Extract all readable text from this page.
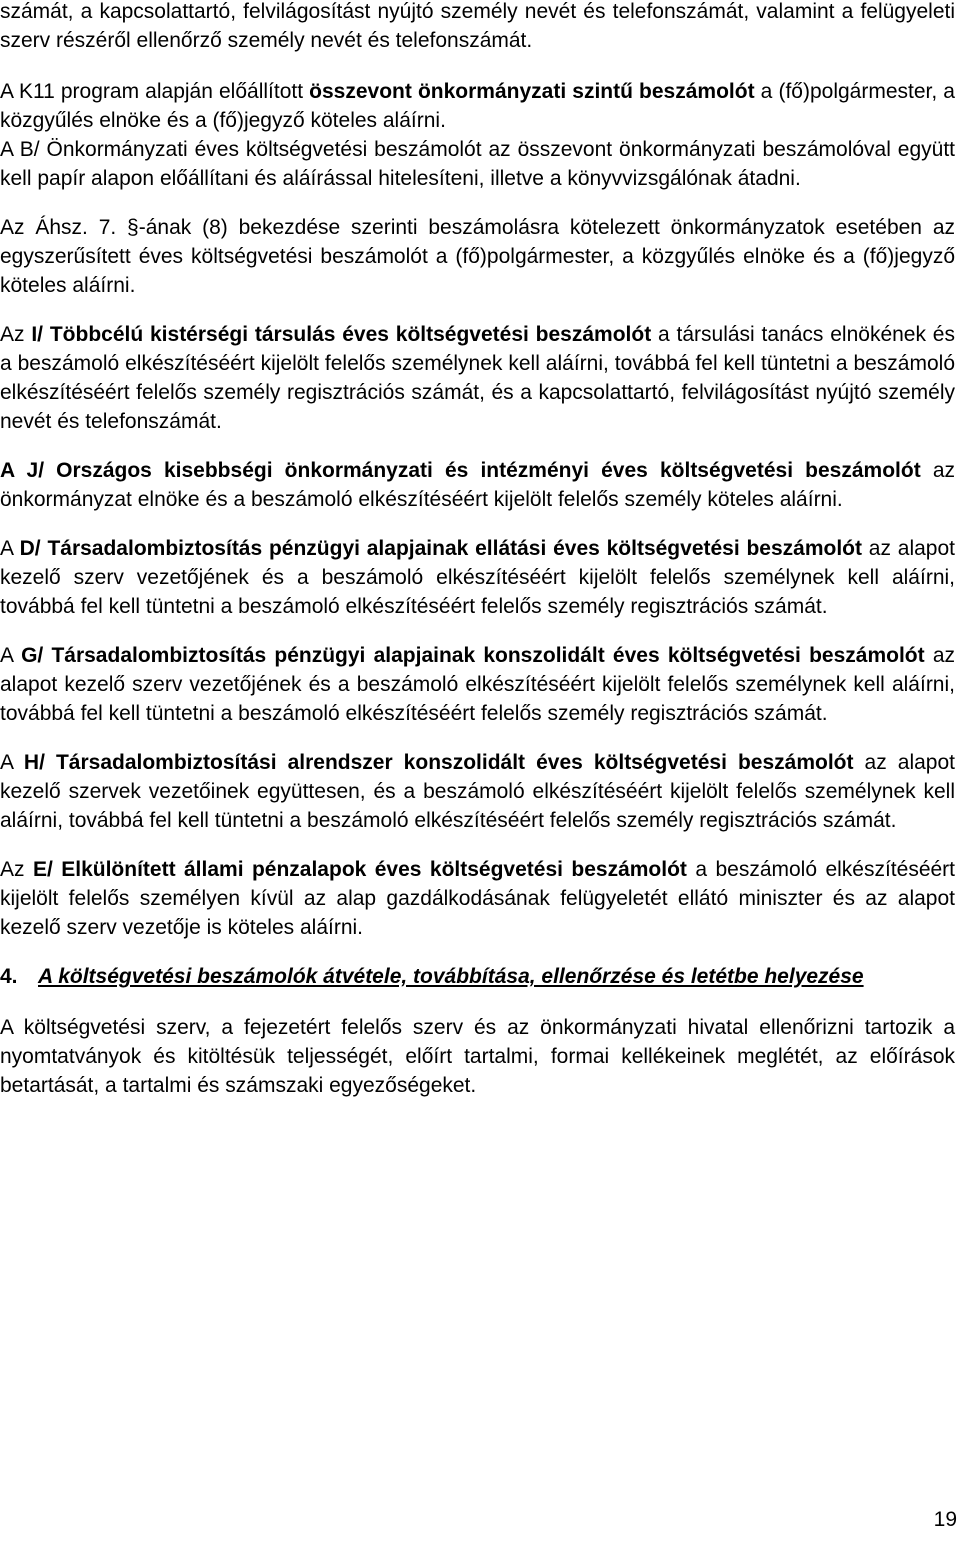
számát, a kapcsolattartó, felvilágosítást nyújtó személy nevét és telefonszámát, valamint a felügyeleti szerv részéről ellenőrző személy nevét és telefonszámát.

A K11 program alapján előállított összevont önkormányzati szintű beszámolót a (fő)polgármester, a közgyűlés elnöke és a (fő)jegyző köteles aláírni.

A B/ Önkormányzati éves költségvetési beszámolót az összevont önkormányzati beszámolóval együtt kell papír alapon előállítani és aláírással hitelesíteni, illetve a könyvvizsgálónak átadni.

Az Áhsz. 7. §-ának (8) bekezdése szerinti beszámolásra kötelezett önkormányzatok esetében az egyszerűsített éves költségvetési beszámolót a (fő)polgármester, a közgyűlés elnöke és a (fő)jegyző köteles aláírni.

Az I/ Többcélú kistérségi társulás éves költségvetési beszámolót a társulási tanács elnökének és a beszámoló elkészítéséért kijelölt felelős személynek kell aláírni, továbbá fel kell tüntetni a beszámoló elkészítéséért felelős személy regisztrációs számát, és a kapcsolattartó, felvilágosítást nyújtó személy nevét és telefonszámát.

A J/ Országos kisebbségi önkormányzati és intézményi éves költségvetési beszámolót az önkormányzat elnöke és a beszámoló elkészítéséért kijelölt felelős személy köteles aláírni.

A D/ Társadalombiztosítás pénzügyi alapjainak ellátási éves költségvetési beszámolót az alapot kezelő szerv vezetőjének és a beszámoló elkészítéséért kijelölt felelős személynek kell aláírni, továbbá fel kell tüntetni a beszámoló elkészítéséért felelős személy regisztrációs számát.

A G/ Társadalombiztosítás pénzügyi alapjainak konszolidált éves költségvetési beszámolót az alapot kezelő szerv vezetőjének és a beszámoló elkészítéséért kijelölt felelős személynek kell aláírni, továbbá fel kell tüntetni a beszámoló elkészítéséért felelős személy regisztrációs számát.

A H/ Társadalombiztosítási alrendszer konszolidált éves költségvetési beszámolót az alapot kezelő szervek vezetőinek együttesen, és a beszámoló elkészítéséért kijelölt felelős személynek kell aláírni, továbbá fel kell tüntetni a beszámoló elkészítéséért felelős személy regisztrációs számát.

Az E/ Elkülönített állami pénzalapok éves költségvetési beszámolót a beszámoló elkészítéséért kijelölt felelős személyen kívül az alap gazdálkodásának felügyeletét ellátó miniszter és az alapot kezelő szerv vezetője is köteles aláírni.

4. A költségvetési beszámolók átvétele, továbbítása, ellenőrzése és letétbe helyezése

A költségvetési szerv, a fejezetért felelős szerv és az önkormányzati hivatal ellenőrizni tartozik a nyomtatványok és kitöltésük teljességét, előírt tartalmi, formai kellékeinek meglétét, az előírások betartását, a tartalmi és számszaki egyezőségeket.

19
